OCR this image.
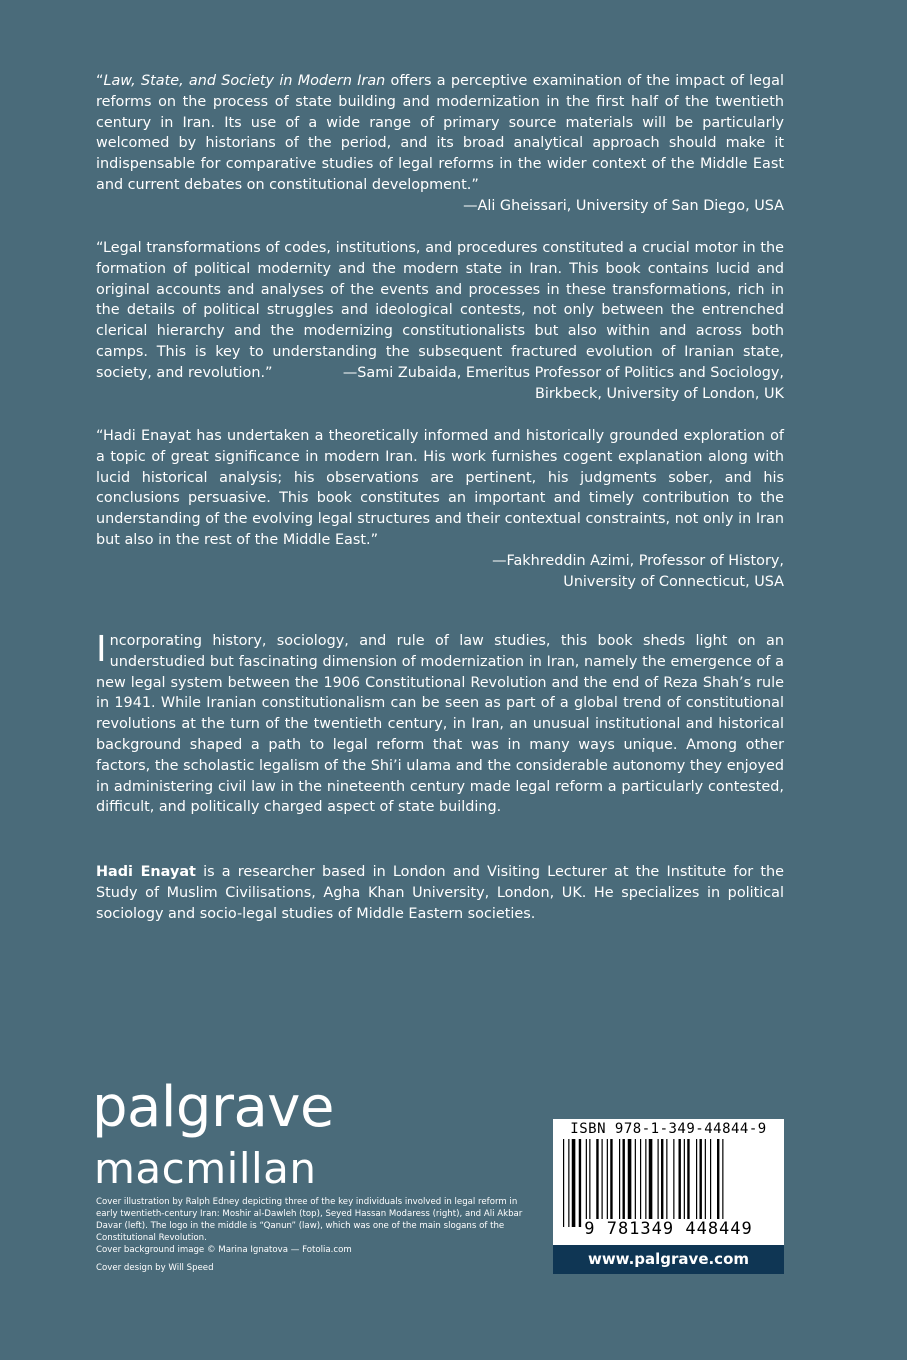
“Law, State, and Society in Modern Iran offers a perceptive examination of the impact of legal reforms on the process of state building and modernization in the first half of the twentieth century in Iran. Its use of a wide range of primary source materials will be particularly welcomed by historians of the period, and its broad analytical approach should make it indispensable for comparative studies of legal reforms in the wider context of the Middle East and current debates on constitutional development.”

—Ali Gheissari, University of San Diego, USA

“Legal transformations of codes, institutions, and procedures constituted a crucial motor in the formation of political modernity and the modern state in Iran. This book contains lucid and original accounts and analyses of the events and processes in these transformations, rich in the details of political struggles and ideological contests, not only between the entrenched clerical hierarchy and the modernizing constitutionalists but also within and across both camps. This is key to understanding the subsequent fractured evolution of Iranian state, society, and revolution.”	—Sami Zubaida, Emeritus Professor of Politics and Sociology,

Birkbeck, University of London, UK

“Hadi Enayat has undertaken a theoretically informed and historically grounded exploration of a topic of great significance in modern Iran. His work furnishes cogent explanation along with lucid historical analysis; his observations are pertinent, his judgments sober, and his conclusions persuasive. This book constitutes an important and timely contribution to the understanding of the evolving legal structures and their contextual constraints, not only in Iran but also in the rest of the Middle East.”

—Fakhreddin Azimi, Professor of History,

University of Connecticut, USA

Incorporating history, sociology, and rule of law studies, this book sheds light on an understudied but fascinating dimension of modernization in Iran, namely the emergence of a new legal system between the 1906 Constitutional Revolution and the end of Reza Shah’s rule in 1941. While Iranian constitutionalism can be seen as part of a global trend of constitutional revolutions at the turn of the twentieth century, in Iran, an unusual institutional and historical background shaped a path to legal reform that was in many ways unique. Among other factors, the scholastic legalism of the Shi’i ulama and the considerable autonomy they enjoyed in administering civil law in the nineteenth century made legal reform a particularly contested, difficult, and politically charged aspect of state building.

Hadi Enayat is a researcher based in London and Visiting Lecturer at the Institute for the Study of Muslim Civilisations, Agha Khan University, London, UK. He specializes in political sociology and socio-legal studies of Middle Eastern societies.

palgrave
macmillan

Cover illustration by Ralph Edney depicting three of the key individuals involved in legal reform in early twentieth-century Iran: Moshir al-Dawleh (top), Seyed Hassan Modaress (right), and Ali Akbar Davar (left). The logo in the middle is “Qanun” (law), which was one of the main slogans of the Constitutional Revolution.

Cover background image © Marina Ignatova — Fotolia.com

Cover design by Will Speed

ISBN 978-1-349-44844-9
9 781349 448449
www.palgrave.com
